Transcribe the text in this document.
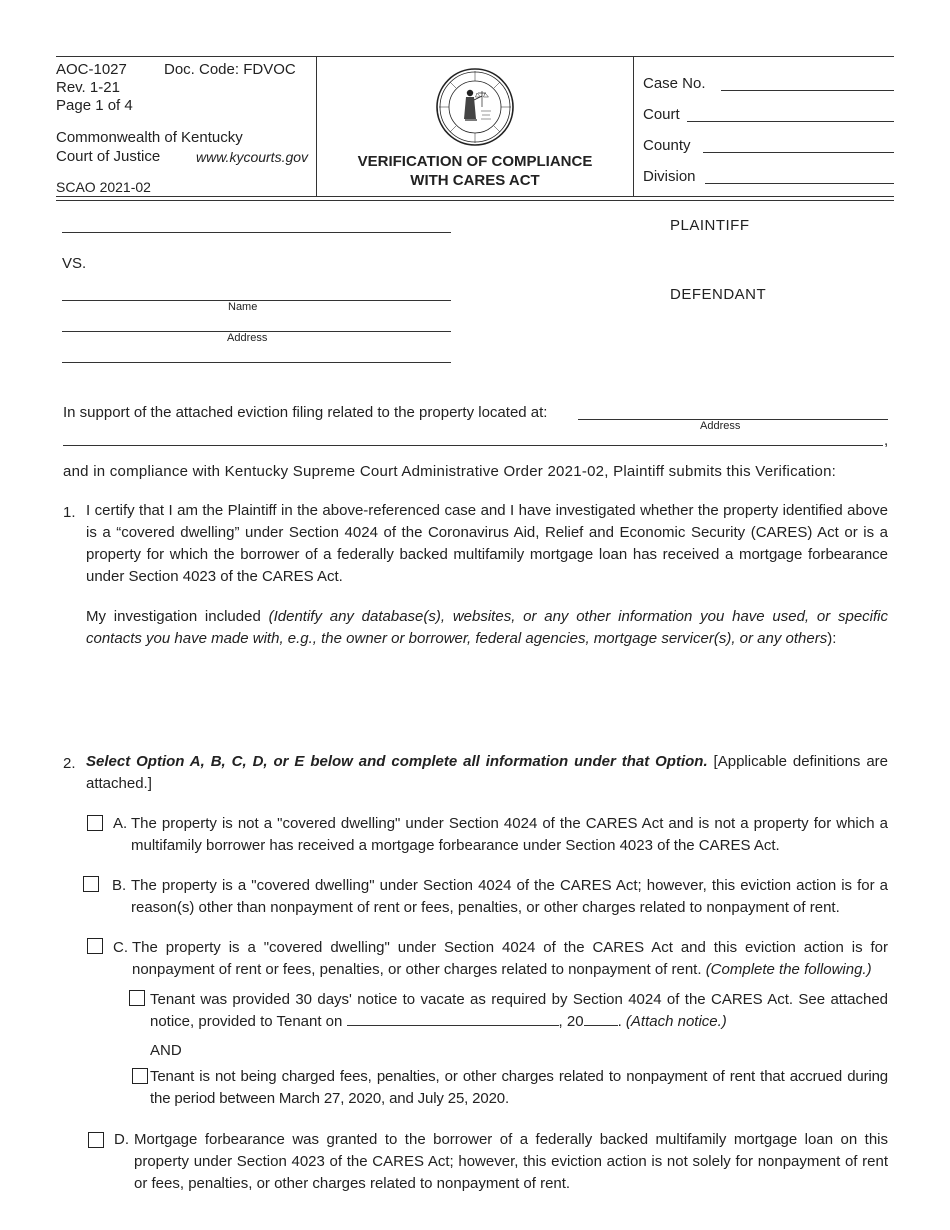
AOC-1027 Doc. Code: FDVOC
Rev. 1-21
Page 1 of 4
Commonwealth of Kentucky
Court of Justice	www.kycourts.gov
SCAO 2021-02
VERIFICATION OF COMPLIANCE
WITH CARES ACT
Case No.
Court
County
Division
PLAINTIFF
VS.
DEFENDANT
Name
Address
In support of the attached eviction filing related to the property located at:
Address
,
and in compliance with Kentucky Supreme Court Administrative Order 2021-02, Plaintiff submits this Verification:
1. I certify that I am the Plaintiff in the above-referenced case and I have investigated whether the property identified above is a “covered dwelling” under Section 4024 of the Coronavirus Aid, Relief and Economic Security (CARES) Act or is a property for which the borrower of a federally backed multifamily mortgage loan has received a mortgage forbearance under Section 4023 of the CARES Act.
My investigation included (Identify any database(s), websites, or any other information you have used, or specific contacts you have made with, e.g., the owner or borrower, federal agencies, mortgage servicer(s), or any others):
2. Select Option A, B, C, D, or E below and complete all information under that Option. [Applicable definitions are attached.]
A. The property is not a "covered dwelling" under Section 4024 of the CARES Act and is not a property for which a multifamily borrower has received a mortgage forbearance under Section 4023 of the CARES Act.
B. The property is a "covered dwelling" under Section 4024 of the CARES Act; however, this eviction action is for a reason(s) other than nonpayment of rent or fees, penalties, or other charges related to nonpayment of rent.
C. The property is a "covered dwelling" under Section 4024 of the CARES Act and this eviction action is for nonpayment of rent or fees, penalties, or other charges related to nonpayment of rent. (Complete the following.)
Tenant was provided 30 days' notice to vacate as required by Section 4024 of the CARES Act. See attached notice, provided to Tenant on	, 20 . (Attach notice.)
AND
Tenant is not being charged fees, penalties, or other charges related to nonpayment of rent that accrued during the period between March 27, 2020, and July 25, 2020.
D. Mortgage forbearance was granted to the borrower of a federally backed multifamily mortgage loan on this property under Section 4023 of the CARES Act; however, this eviction action is not solely for nonpayment of rent or fees, penalties, or other charges related to nonpayment of rent.
